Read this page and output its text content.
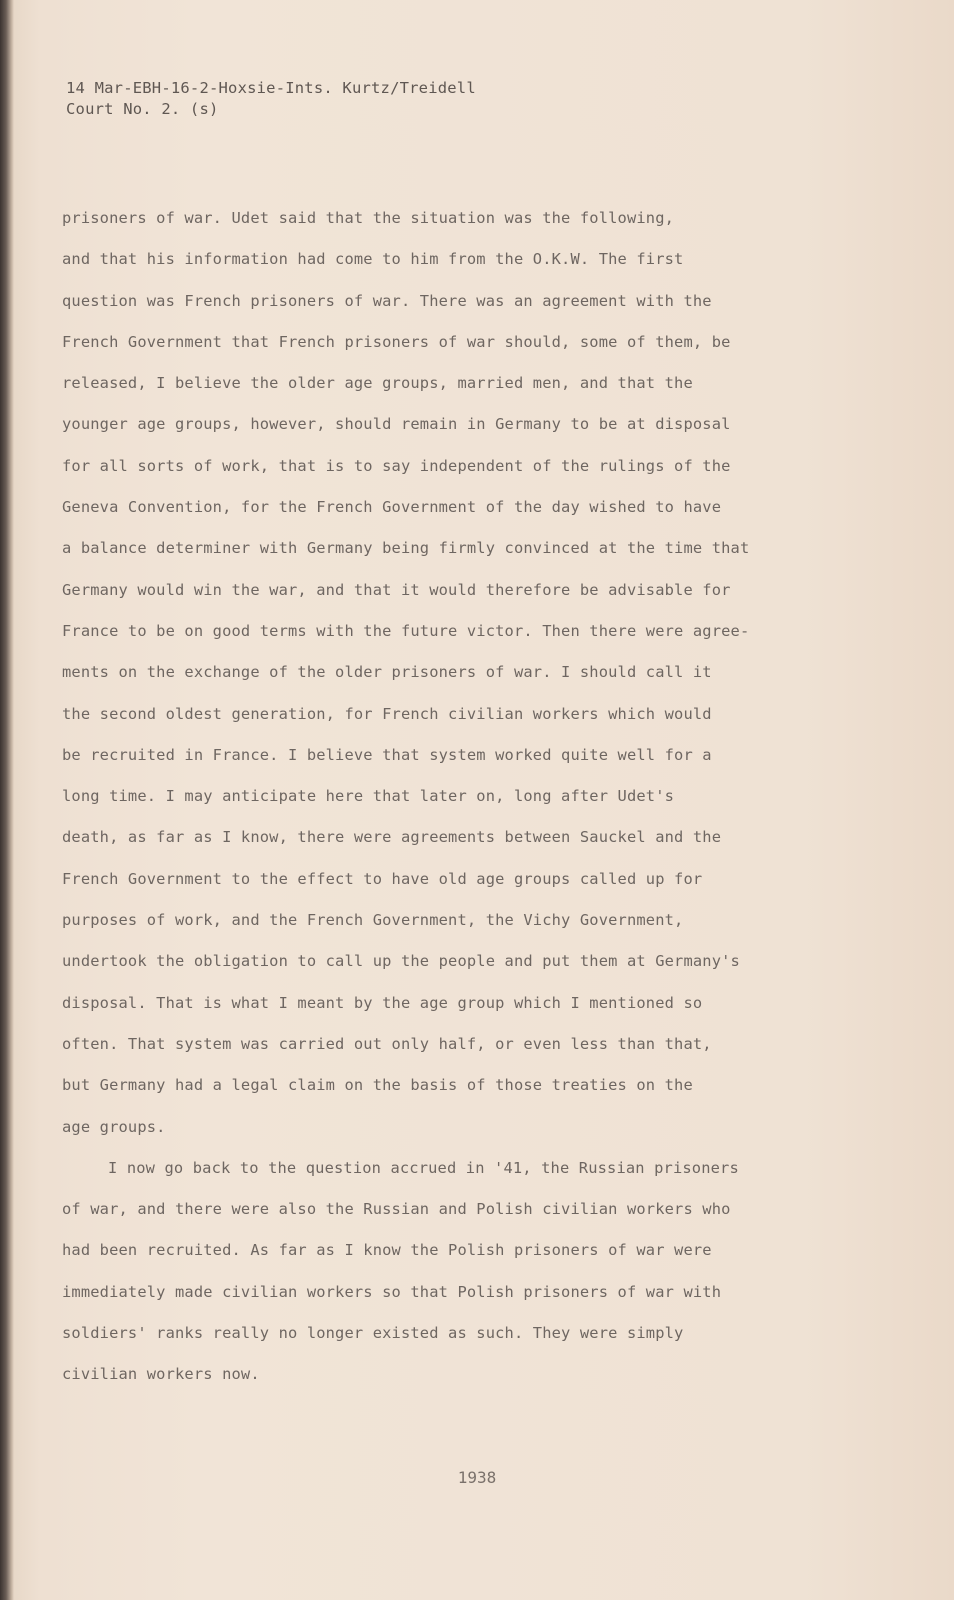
14 Mar-EBH-16-2-Hoxsie-Ints. Kurtz/Treidell
Court No. 2. (s)
prisoners of war. Udet said that the situation was the following,
and that his information had come to him from the O.K.W. The first
question was French prisoners of war. There was an agreement with the
French Government that French prisoners of war should, some of them, be
released, I believe the older age groups, married men, and that the
younger age groups, however, should remain in Germany to be at disposal
for all sorts of work, that is to say independent of the rulings of the
Geneva Convention, for the French Government of the day wished to have
a balance determiner with Germany being firmly convinced at the time that
Germany would win the war, and that it would therefore be advisable for
France to be on good terms with the future victor. Then there were agree-
ments on the exchange of the older prisoners of war. I should call it
the second oldest generation, for French civilian workers which would
be recruited in France. I believe that system worked quite well for a
long time. I may anticipate here that later on, long after Udet's
death, as far as I know, there were agreements between Sauckel and the
French Government to the effect to have old age groups called up for
purposes of work, and the French Government, the Vichy Government,
undertook the obligation to call up the people and put them at Germany's
disposal. That is what I meant by the age group which I mentioned so
often. That system was carried out only half, or even less than that,
but Germany had a legal claim on the basis of those treaties on the
age groups.
I now go back to the question accrued in '41, the Russian prisoners
of war, and there were also the Russian and Polish civilian workers who
had been recruited. As far as I know the Polish prisoners of war were
immediately made civilian workers so that Polish prisoners of war with
soldiers' ranks really no longer existed as such. They were simply
civilian workers now.
1938
